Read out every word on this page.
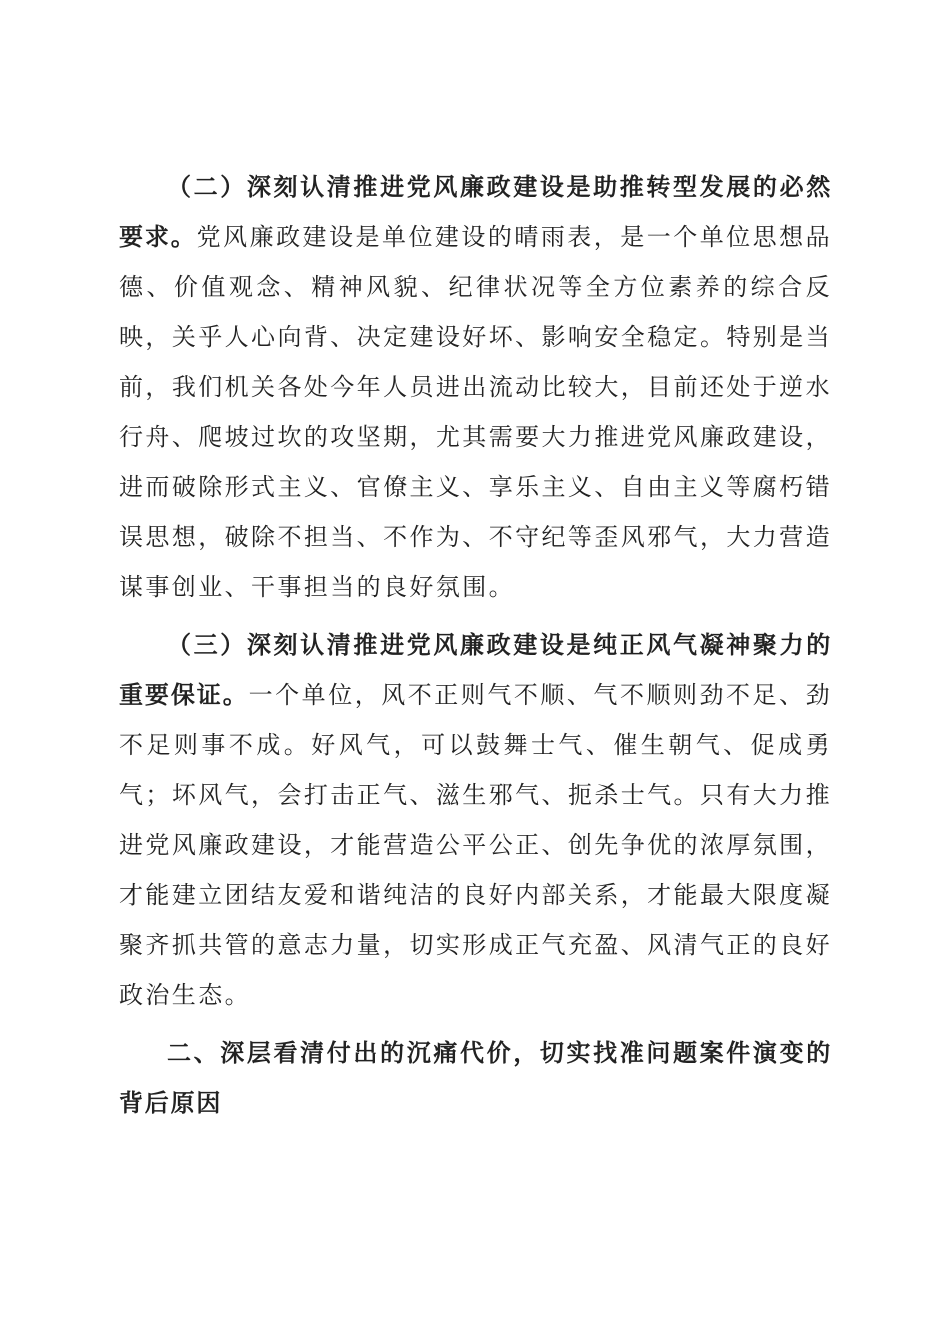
（二）深刻认清推进党风廉政建设是助推转型发展的必然要求。党风廉政建设是单位建设的晴雨表，是一个单位思想品德、价值观念、精神风貌、纪律状况等全方位素养的综合反映，关乎人心向背、决定建设好坏、影响安全稳定。特别是当前，我们机关各处今年人员进出流动比较大，目前还处于逆水行舟、爬坡过坎的攻坚期，尤其需要大力推进党风廉政建设，进而破除形式主义、官僚主义、享乐主义、自由主义等腐朽错误思想，破除不担当、不作为、不守纪等歪风邪气，大力营造谋事创业、干事担当的良好氛围。

（三）深刻认清推进党风廉政建设是纯正风气凝神聚力的重要保证。一个单位，风不正则气不顺、气不顺则劲不足、劲不足则事不成。好风气，可以鼓舞士气、催生朝气、促成勇气；坏风气，会打击正气、滋生邪气、扼杀士气。只有大力推进党风廉政建设，才能营造公平公正、创先争优的浓厚氛围，才能建立团结友爱和谐纯洁的良好内部关系，才能最大限度凝聚齐抓共管的意志力量，切实形成正气充盈、风清气正的良好政治生态。

二、深层看清付出的沉痛代价，切实找准问题案件演变的背后原因
